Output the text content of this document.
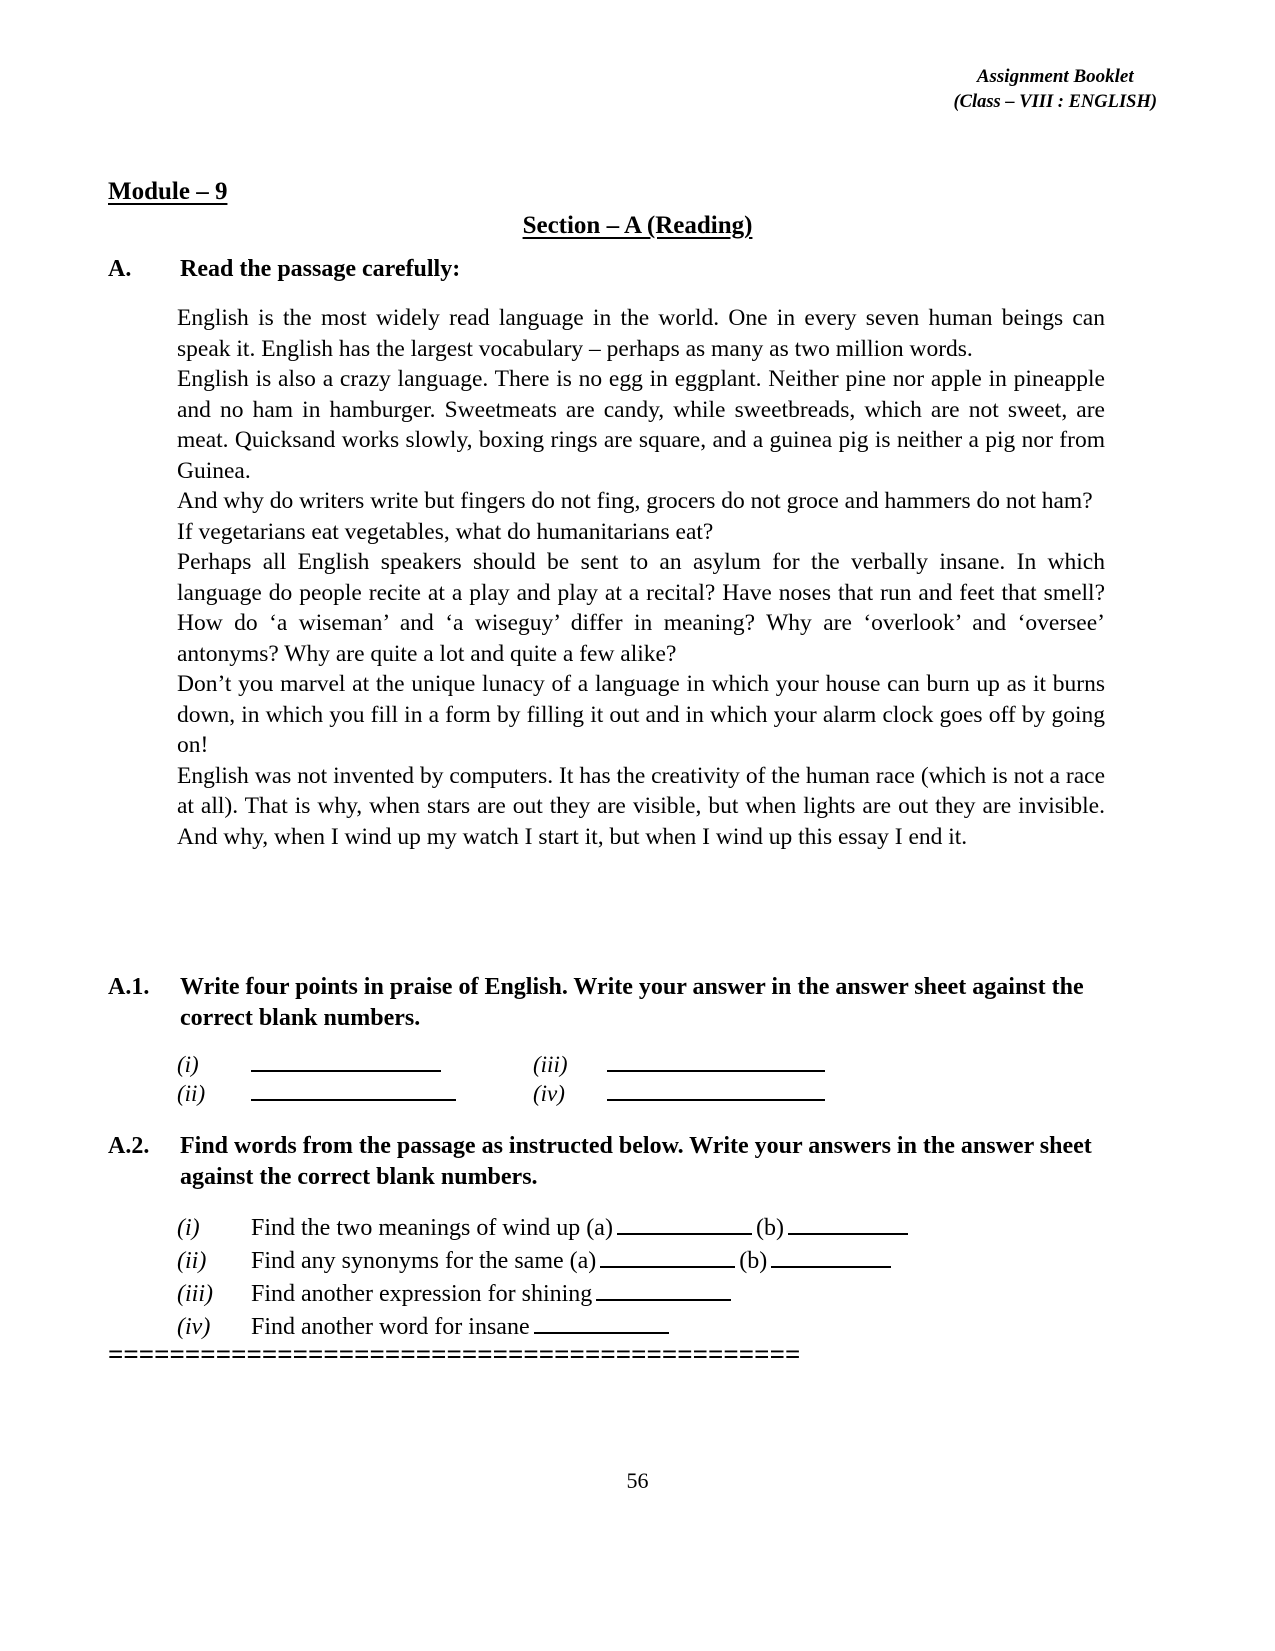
Assignment Booklet
(Class – VIII : ENGLISH)
Module – 9
Section – A (Reading)
A. Read the passage carefully:

English is the most widely read language in the world. One in every seven human beings can speak it. English has the largest vocabulary – perhaps as many as two million words.

English is also a crazy language. There is no egg in eggplant. Neither pine nor apple in pineapple and no ham in hamburger. Sweetmeats are candy, while sweetbreads, which are not sweet, are meat. Quicksand works slowly, boxing rings are square, and a guinea pig is neither a pig nor from Guinea.

And why do writers write but fingers do not fing, grocers do not groce and hammers do not ham?

If vegetarians eat vegetables, what do humanitarians eat?

Perhaps all English speakers should be sent to an asylum for the verbally insane. In which language do people recite at a play and play at a recital? Have noses that run and feet that smell? How do ‘a wiseman’ and ‘a wiseguy’ differ in meaning? Why are ‘overlook’ and ‘oversee’ antonyms? Why are quite a lot and quite a few alike?

Don’t you marvel at the unique lunacy of a language in which your house can burn up as it burns down, in which you fill in a form by filling it out and in which your alarm clock goes off by going on!

English was not invented by computers. It has the creativity of the human race (which is not a race at all). That is why, when stars are out they are visible, but when lights are out they are invisible. And why, when I wind up my watch I start it, but when I wind up this essay I end it.

A.1.	Write four points in praise of English. Write your answer in the answer sheet against the correct blank numbers.
(i)	(iii)
(ii)	(iv)
A.2.	Find words from the passage as instructed below. Write your answers in the answer sheet against the correct blank numbers.
(i)	Find the two meanings of wind up (a)	(b)
(ii)	Find any synonyms for the same (a)	(b)
(iii)	Find another expression for shining
(iv)	Find another word for insane
=============================================
56
